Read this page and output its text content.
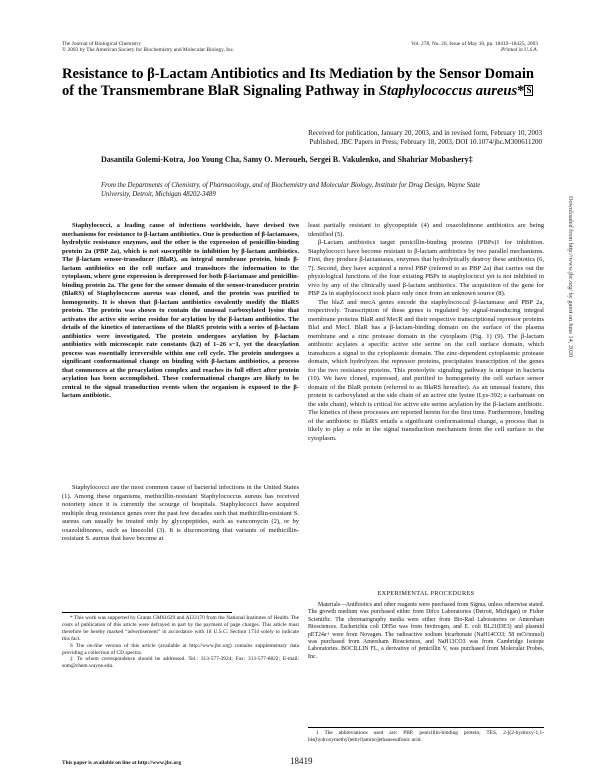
The Journal of Biological Chemistry
© 2003 by The American Society for Biochemistry and Molecular Biology, Inc.
Vol. 278, No. 20, Issue of May 16, pp. 18419–18425, 2003
Printed in U.S.A.
Resistance to β-Lactam Antibiotics and Its Mediation by the Sensor Domain of the Transmembrane BlaR Signaling Pathway in Staphylococcus aureus* S
Received for publication, January 20, 2003, and in revised form, February 10, 2003
Published, JBC Papers in Press, February 18, 2003, DOI 10.1074/jbc.M300611200
Dasantila Golemi-Kotra, Joo Young Cha, Samy O. Meroueh, Sergei B. Vakulenko, and Shahriar Mobashery‡
From the Departments of Chemistry, of Pharmacology, and of Biochemistry and Molecular Biology, Institute for Drug Design, Wayne State University, Detroit, Michigan 48202-3489
Staphylococci, a leading cause of infections worldwide, have devised two mechanisms for resistance to β-lactam antibiotics. One is production of β-lactamases, hydrolytic resistance enzymes, and the other is the expression of penicillin-binding protein 2a (PBP 2a), which is not susceptible to inhibition by β-lactam antibiotics. The β-lactam sensor-transducer (BlaR), an integral membrane protein, binds β-lactam antibiotics on the cell surface and transduces the information to the cytoplasm, where gene expression is derepressed for both β-lactamase and penicillin-binding protein 2a. The gene for the sensor domain of the sensor-transducer protein (BlaRS) of Staphylococcus aureus was cloned, and the protein was purified to homogeneity. It is shown that β-lactam antibiotics covalently modify the BlaRS protein. The protein was shown to contain the unusual carboxylated lysine that activates the active site serine residue for acylation by the β-lactam antibiotics. The details of the kinetics of interactions of the BlaRS protein with a series of β-lactam antibiotics were investigated. The protein undergoes acylation by β-lactam antibiotics with microscopic rate constants (k2) of 1–26 s−1, yet the deacylation process was essentially irreversible within one cell cycle. The protein undergoes a significant conformational change on binding with β-lactam antibiotics, a process that commences at the preacylation complex and reaches its full effect after protein acylation has been accomplished. These conformational changes are likely to be central to the signal transduction events when the organism is exposed to the β-lactam antibiotic.
Staphylococci are the most common cause of bacterial infections in the United States (1). Among these organisms, methicillin-resistant Staphylococcus aureus has received notoriety since it is currently the scourge of hospitals. Staphylococci have acquired multiple drug resistance genes over the past few decades such that methicillin-resistant S. aureus can usually be treated only by glycopeptides, such as vancomycin (2), or by oxazolidinones, such as linezolid (3). It is disconcerting that variants of methicillin-resistant S. aureus that have become at
* This work was supported by Grants GM61629 and AI33170 from the National Institutes of Health. The costs of publication of this article were defrayed in part by the payment of page charges. This article must therefore be hereby marked “advertisement” in accordance with 18 U.S.C. Section 1734 solely to indicate this fact.
S The on-line version of this article (available at http://www.jbc.org) contains supplementary data providing a collection of CD spectra.
‡ To whom correspondence should be addressed. Tel.: 313-577-3924; Fax: 313-577-8822; E-mail: som@chem.wayne.edu.

least partially resistant to glycopeptide (4) and oxazolidinone antibiotics are being identified (5).

β-Lactam antibiotics target penicillin-binding proteins (PBPs)1 for inhibition. Staphylococci have become resistant to β-lactam antibiotics by two parallel mechanisms. First, they produce β-lactamases, enzymes that hydrolytically destroy these antibiotics (6, 7). Second, they have acquired a novel PBP (referred to as PBP 2a) that carries out the physiological functions of the four existing PBPs in staphylococci yet is not inhibited in vivo by any of the clinically used β-lactam antibiotics. The acquisition of the gene for PBP 2a in staphylococci took place only once from an unknown source (8).

The blaZ and mecA genes encode the staphylococcal β-lactamase and PBP 2a, respectively. Transcription of these genes is regulated by signal-transducing integral membrane proteins BlaR and MecR and their respective transcriptional repressor proteins BlaI and MecI. BlaR has a β-lactam-binding domain on the surface of the plasma membrane and a zinc protease domain in the cytoplasm (Fig. 1) (9). The β-lactam antibiotic acylates a specific active site serine on the cell surface domain, which transduces a signal to the cytoplasmic domain. The zinc-dependent cytoplasmic protease domain, which hydrolyzes the repressor proteins, precipitates transcription of the genes for the two resistance proteins. This proteolytic signaling pathway is unique in bacteria (10). We have cloned, expressed, and purified to homogeneity the cell surface sensor domain of the BlaR protein (referred to as BlaRS hereafter). As an unusual feature, this protein is carboxylated at the side chain of an active site lysine (Lys-392; a carbamate on the side chain), which is critical for active site serine acylation by the β-lactam antibiotic. The kinetics of these processes are reported herein for the first time. Furthermore, binding of the antibiotic to BlaRS entails a significant conformational change, a process that is likely to play a role in the signal transduction mechanism from the cell surface to the cytoplasm.

EXPERIMENTAL PROCEDURES
Materials—Antibiotics and other reagents were purchased from Sigma, unless otherwise stated. The growth medium was purchased either from Difco Laboratories (Detroit, Michigan) or Fisher Scientific. The chromatography media were either from Bio-Rad Laboratories or Amersham Biosciences. Escherichia coli DH5α was from Invitrogen, and E. coli BL21(DE3) and plasmid pET24a+ were from Novagen. The radioactive sodium bicarbonate (NaH14CO3; 58 mCi/mmol) was purchased from Amersham Biosciences, and NaH13CO3 was from Cambridge Isotope Laboratories. BOCILLIN FL, a derivative of penicillin V, was purchased from Molecular Probes, Inc.
1 The abbreviations used are: PBP, penicillin-binding protein; TES, 2-[(2-hydroxy-1,1-bis(hydroxymethyl)ethyl)amino]ethanesulfonic acid.
This paper is available on line at http://www.jbc.org	18419
Downloaded from http://www.jbc.org/ by guest on June 14, 2020
